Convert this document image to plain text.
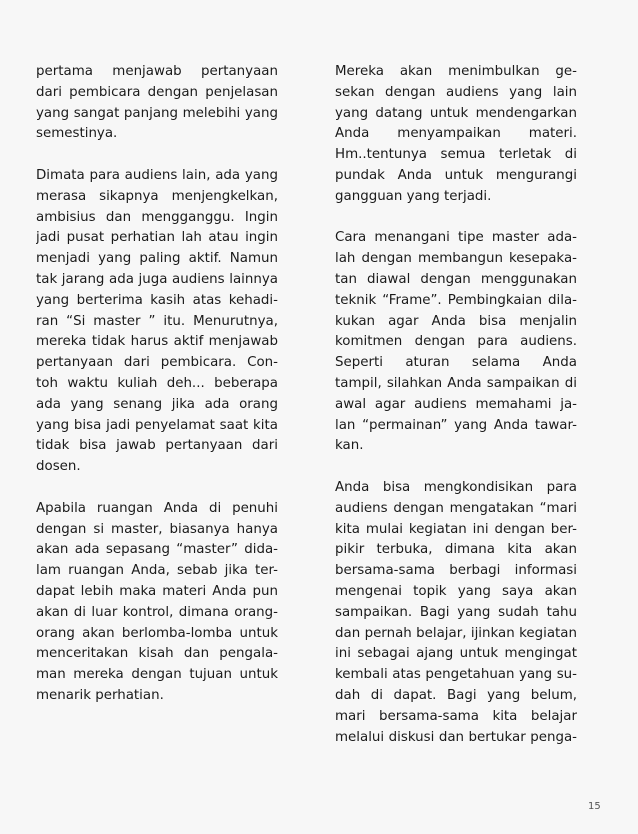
pertama menjawab pertanyaan
dari pembicara dengan penjelasan
yang sangat panjang melebihi yang
semestinya.
Dimata para audiens lain, ada yang
merasa sikapnya menjengkelkan,
ambisius dan mengganggu. Ingin
jadi pusat perhatian lah atau ingin
menjadi yang paling aktif. Namun
tak jarang ada juga audiens lainnya
yang berterima kasih atas kehadi-
ran “Si master ” itu. Menurutnya,
mereka tidak harus aktif menjawab
pertanyaan dari pembicara. Con-
toh waktu kuliah deh... beberapa
ada yang senang jika ada orang
yang bisa jadi penyelamat saat kita
tidak bisa jawab pertanyaan dari
dosen.
Apabila ruangan Anda di penuhi
dengan si master, biasanya hanya
akan ada sepasang “master” dida-
lam ruangan Anda, sebab jika ter-
dapat lebih maka materi Anda pun
akan di luar kontrol, dimana orang-
orang akan berlomba-lomba untuk
menceritakan kisah dan pengala-
man mereka dengan tujuan untuk
menarik perhatian.
Mereka akan menimbulkan ge-
sekan dengan audiens yang lain
yang datang untuk mendengarkan
Anda menyampaikan materi.
Hm..tentunya semua terletak di
pundak Anda untuk mengurangi
gangguan yang terjadi.
Cara menangani tipe master ada-
lah dengan membangun kesepaka-
tan diawal dengan menggunakan
teknik “Frame”. Pembingkaian dila-
kukan agar Anda bisa menjalin
komitmen dengan para audiens.
Seperti aturan selama Anda
tampil, silahkan Anda sampaikan di
awal agar audiens memahami ja-
lan “permainan” yang Anda tawar-
kan.
Anda bisa mengkondisikan para
audiens dengan mengatakan “mari
kita mulai kegiatan ini dengan ber-
pikir terbuka, dimana kita akan
bersama-sama berbagi informasi
mengenai topik yang saya akan
sampaikan. Bagi yang sudah tahu
dan pernah belajar, ijinkan kegiatan
ini sebagai ajang untuk mengingat
kembali atas pengetahuan yang su-
dah di dapat. Bagi yang belum,
mari bersama-sama kita belajar
melalui diskusi dan bertukar penga-
15
